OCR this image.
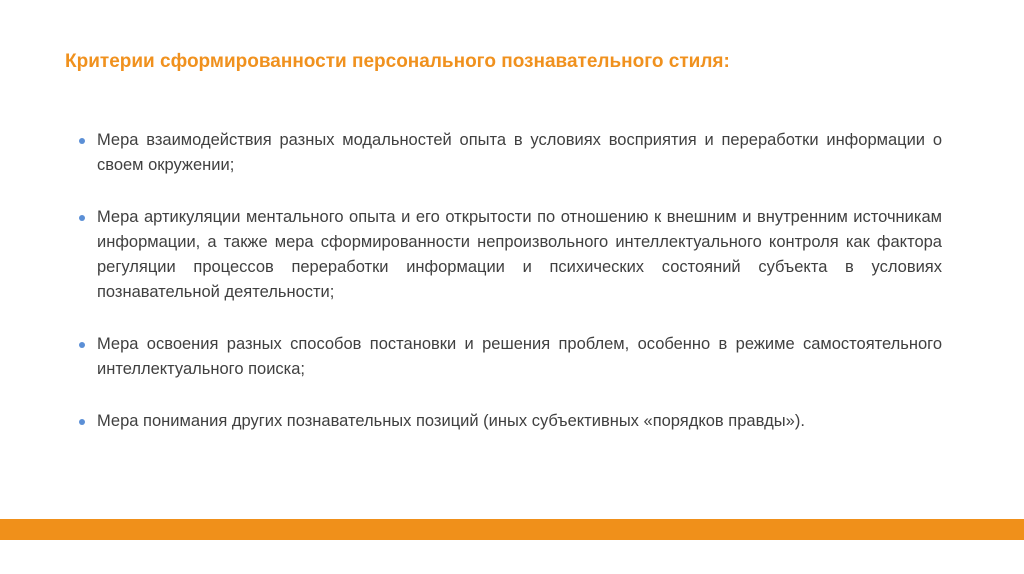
Критерии сформированности персонального познавательного стиля:
Мера взаимодействия разных модальностей опыта в условиях восприятия и переработки информации о своем окружении;
Мера артикуляции ментального опыта и его открытости по отношению к внешним и внутренним источникам информации, а также мера сформированности непроизвольного интеллектуального контроля как фактора регуляции процессов переработки информации и психических состояний субъекта в условиях познавательной деятельности;
Мера освоения разных способов постановки и решения проблем, особенно в режиме самостоятельного интеллектуального поиска;
Мера понимания других познавательных позиций (иных субъективных «порядков правды»).
